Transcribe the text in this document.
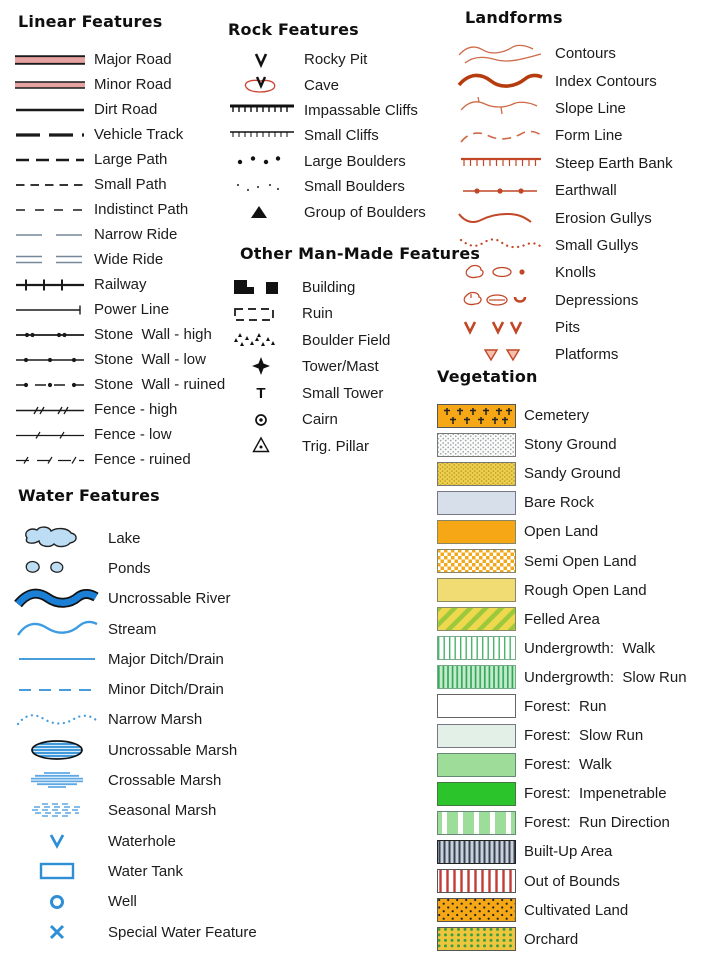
Linear Features
Major Road
Minor Road
Dirt Road
Vehicle Track
Large Path
Small Path
Indistinct Path
Narrow Ride
Wide Ride
Railway
Power Line
Stone  Wall - high
Stone  Wall - low
Stone  Wall - ruined
Fence - high
Fence - low
Fence - ruined
Water Features
Lake
Ponds
Uncrossable River
Stream
Major Ditch/Drain
Minor Ditch/Drain
Narrow Marsh
Uncrossable Marsh
Crossable Marsh
Seasonal Marsh
Waterhole
Water Tank
Well
Special Water Feature
Rock Features
Rocky Pit
Cave
Impassable Cliffs
Small Cliffs
Large Boulders
Small Boulders
Group of Boulders
Other Man-Made Features
Building
Ruin
Boulder Field
Tower/Mast
T Small Tower
Cairn
Trig. Pillar
Landforms
Contours
Index Contours
Slope Line
Form Line
Steep Earth Bank
Earthwall
Erosion Gullys
Small Gullys
Knolls
Depressions
Pits
Platforms
Vegetation
Cemetery
Stony Ground
Sandy Ground
Bare Rock
Open Land
Semi Open Land
Rough Open Land
Felled Area
Undergrowth:  Walk
Undergrowth:  Slow Run
Forest:  Run
Forest:  Slow Run
Forest:  Walk
Forest:  Impenetrable
Forest:  Run Direction
Built-Up Area
Out of Bounds
Cultivated Land
Orchard
